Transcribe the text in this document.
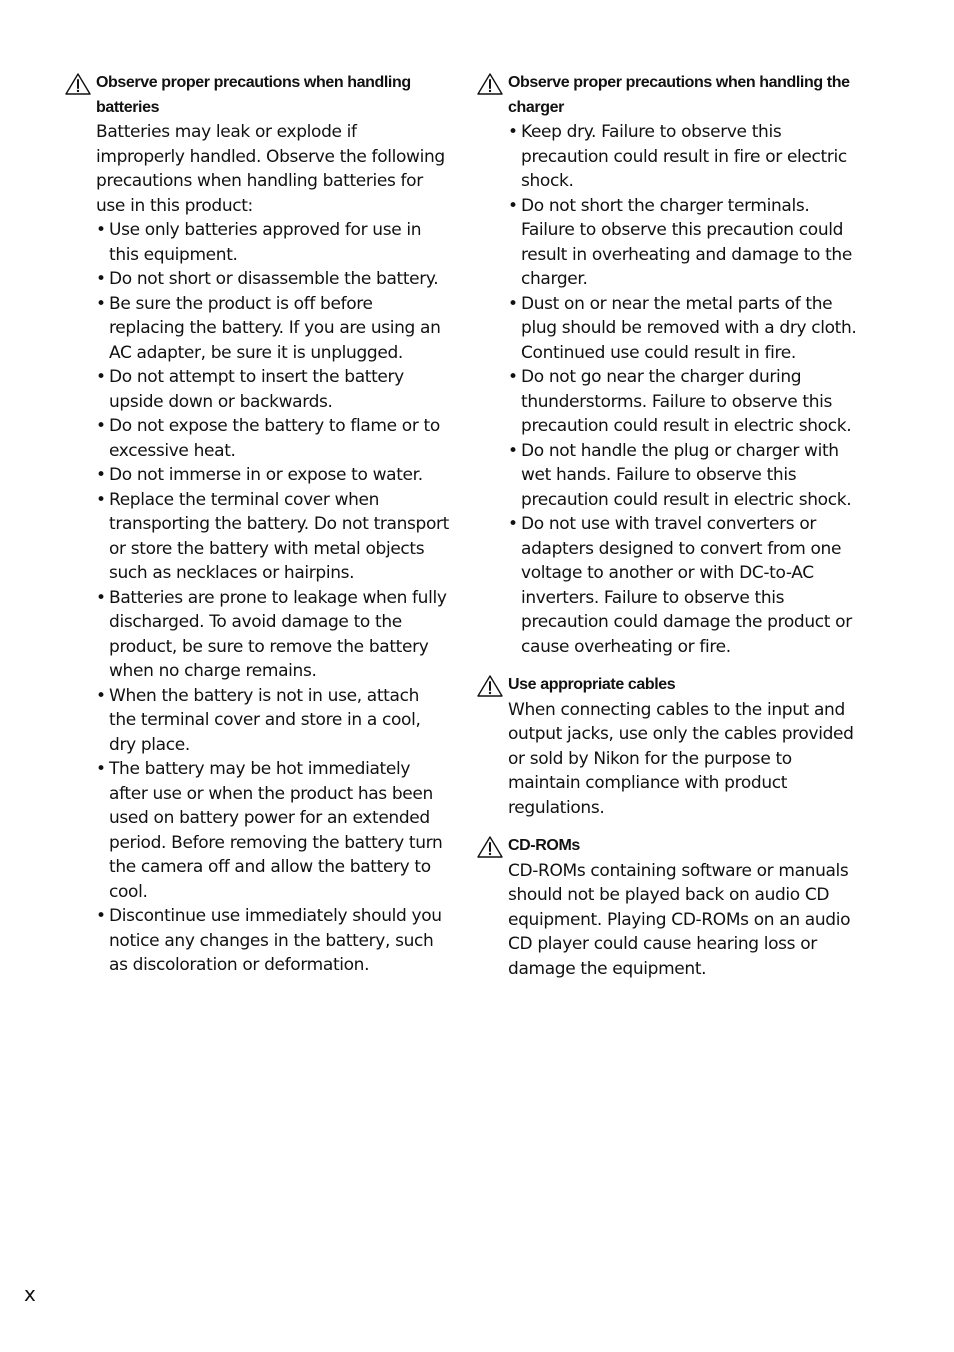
Observe proper precautions when handling batteries
Batteries may leak or explode if improperly handled. Observe the following precautions when handling batteries for use in this product:
• Use only batteries approved for use in this equipment.
• Do not short or disassemble the battery.
• Be sure the product is off before replacing the battery. If you are using an AC adapter, be sure it is unplugged.
• Do not attempt to insert the battery upside down or backwards.
• Do not expose the battery to flame or to excessive heat.
• Do not immerse in or expose to water.
• Replace the terminal cover when transporting the battery. Do not transport or store the battery with metal objects such as necklaces or hairpins.
• Batteries are prone to leakage when fully discharged. To avoid damage to the product, be sure to remove the battery when no charge remains.
• When the battery is not in use, attach the terminal cover and store in a cool, dry place.
• The battery may be hot immediately after use or when the product has been used on battery power for an extended period. Before removing the battery turn the camera off and allow the battery to cool.
• Discontinue use immediately should you notice any changes in the battery, such as discoloration or deformation.
Observe proper precautions when handling the charger
• Keep dry. Failure to observe this precaution could result in fire or electric shock.
• Do not short the charger terminals. Failure to observe this precaution could result in overheating and damage to the charger.
• Dust on or near the metal parts of the plug should be removed with a dry cloth. Continued use could result in fire.
• Do not go near the charger during thunderstorms. Failure to observe this precaution could result in electric shock.
• Do not handle the plug or charger with wet hands. Failure to observe this precaution could result in electric shock.
• Do not use with travel converters or adapters designed to convert from one voltage to another or with DC-to-AC inverters. Failure to observe this precaution could damage the product or cause overheating or fire.
Use appropriate cables
When connecting cables to the input and output jacks, use only the cables provided or sold by Nikon for the purpose to maintain compliance with product regulations.
CD-ROMs
CD-ROMs containing software or manuals should not be played back on audio CD equipment. Playing CD-ROMs on an audio CD player could cause hearing loss or damage the equipment.
x
